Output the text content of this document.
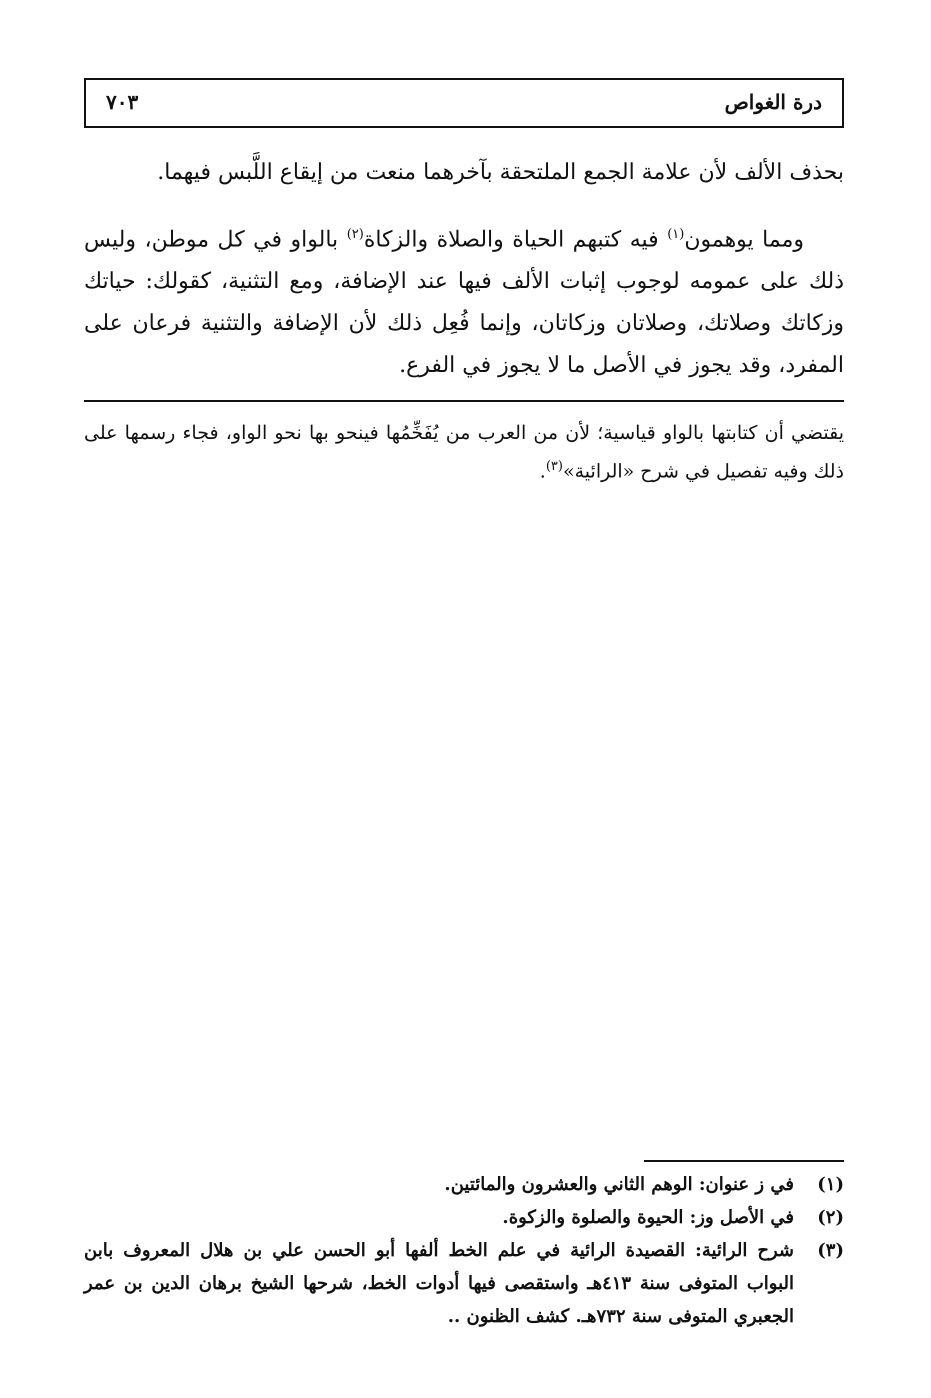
درة الغواص
٧٠٣

بحذف الألف لأن علامة الجمع الملتحقة بآخرهما منعت من إيقاع اللَّبس فيهما.

ومما يوهمون$^{(١)}$ فيه كتبهم الحياة والصلاة والزكاة$^{(٢)}$ بالواو في كل موطن، وليس ذلك على عمومه لوجوب إثبات الألف فيها عند الإضافة، ومع التثنية، كقولك: حياتك وزكاتك وصلاتك، وصلاتان وزكاتان، وإنما فُعِل ذلك لأن الإضافة والتثنية فرعان على المفرد، وقد يجوز في الأصل ما لا يجوز في الفرع.

يقتضي أن كتابتها بالواو قياسية؛ لأن من العرب من يُفَخِّمُها فينحو بها نحو الواو، فجاء رسمها على ذلك وفيه تفصيل في شرح «الرائية»$^{(٣)}$.

(١)
في ز عنوان: الوهم الثاني والعشرون والمائتين.
(٢)
في الأصل وز: الحيوة والصلوة والزكوة.
(٣)
شرح الرائية: القصيدة الرائية في علم الخط ألفها أبو الحسن علي بن هلال المعروف بابن البواب المتوفى سنة ٤١٣هـ واستقصى فيها أدوات الخط، شرحها الشيخ برهان الدين بن عمر الجعبري المتوفى سنة ٧٣٢هـ. كشف الظنون ..
